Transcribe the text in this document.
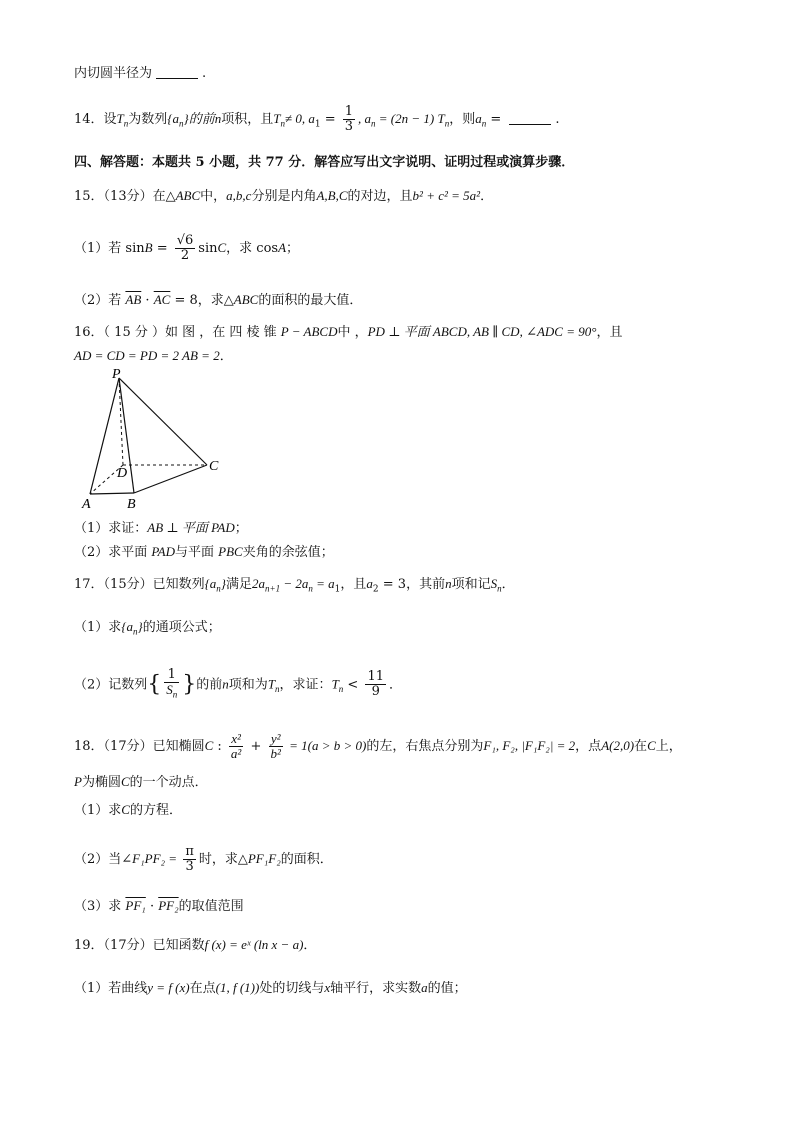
内切圆半径为	.
14．设$T_n$为数列$\{a_n\}$的前n项积，且$T_n\ne 0$, $a_1 = \frac{1}{3}$ , $a_n = (2n - 1)$ $T_n$，则$a_n$ =	.
四、解答题：本题共 5 小题，共 77 分．解答应写出文字说明、证明过程或演算步骤．
15．（13分）在△ABC中，a,b,c分别是内角A,B,C的对边，且b² + c² = 5a²．
（1）若 $\sin B = \frac{√6}{2}$ sinC，求 cosA；
（2）若 $\overline{AB} \cdot \overline{AC} = 8$，求△ABC的面积的最大值．
16．（ 15 分 ）如 图 ，在 四 棱 锥 P − ABCD中 ，PD ⊥ 平面 ABCD, AB ∥ CD, ∠ADC = 90°，且
AD = CD = PD = 2 AB = 2．
P
D	C
A	B
（1）求证：AB ⊥ 平面 PAD；
（2）求平面 PAD与平面 PBC夹角的余弦值；
17．（15分）已知数列$\{a_n\}$满足$2a_{n+1} - 2a_n = a_1$，且$a_2 = 3$，其前n项和记$S_n$．
（1）求$\{a_n\}$的通项公式；
（2）记数列{ $\frac{1}{S_n}$ }的前n项和为$T_n$，求证：$T_n < \frac{11}{9}$ ．
18．（17分）已知椭圆C : $\frac{\text{x²}}{\text{a²}} + \frac{\text{y²}}{\text{b²}} = 1(a > b > 0)$的左，右焦点分别为F₁, F₂, |F₁F₂| = 2，点A(2,0)在C上，
P为椭圆C的一个动点．
（1）求C的方程．
（2）当∠F₁PF₂ = $\frac{\pi}{3}$ 时，求△PF₁F₂的面积．
（3）求 PF₁ · PF₂的取值范围
19．（17分）已知函数f (x) = eˣ (ln x − a)．
（1）若曲线y = f (x)在点(1, f (1))处的切线与x轴平行，求实数a的值；
